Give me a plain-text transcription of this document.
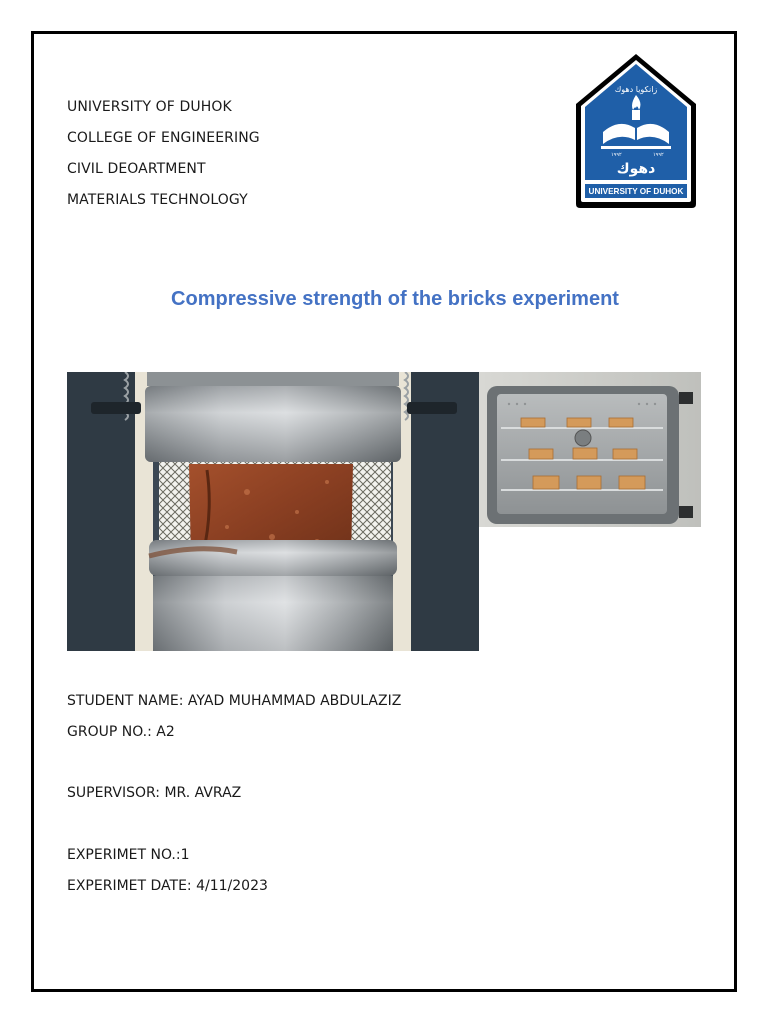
UNIVERSITY OF DUHOK
COLLEGE OF ENGINEERING
CIVIL DEOARTMENT
MATERIALS TECHNOLOGY
زانكويا دهوك
١٩٩٢	١٩٩٢
دهوك
UNIVERSITY OF DUHOK
Compressive strength of the bricks experiment
STUDENT NAME: AYAD MUHAMMAD ABDULAZIZ
GROUP NO.: A2
SUPERVISOR: MR. AVRAZ
EXPERIMET NO.:1
EXPERIMET DATE: 4/11/2023
